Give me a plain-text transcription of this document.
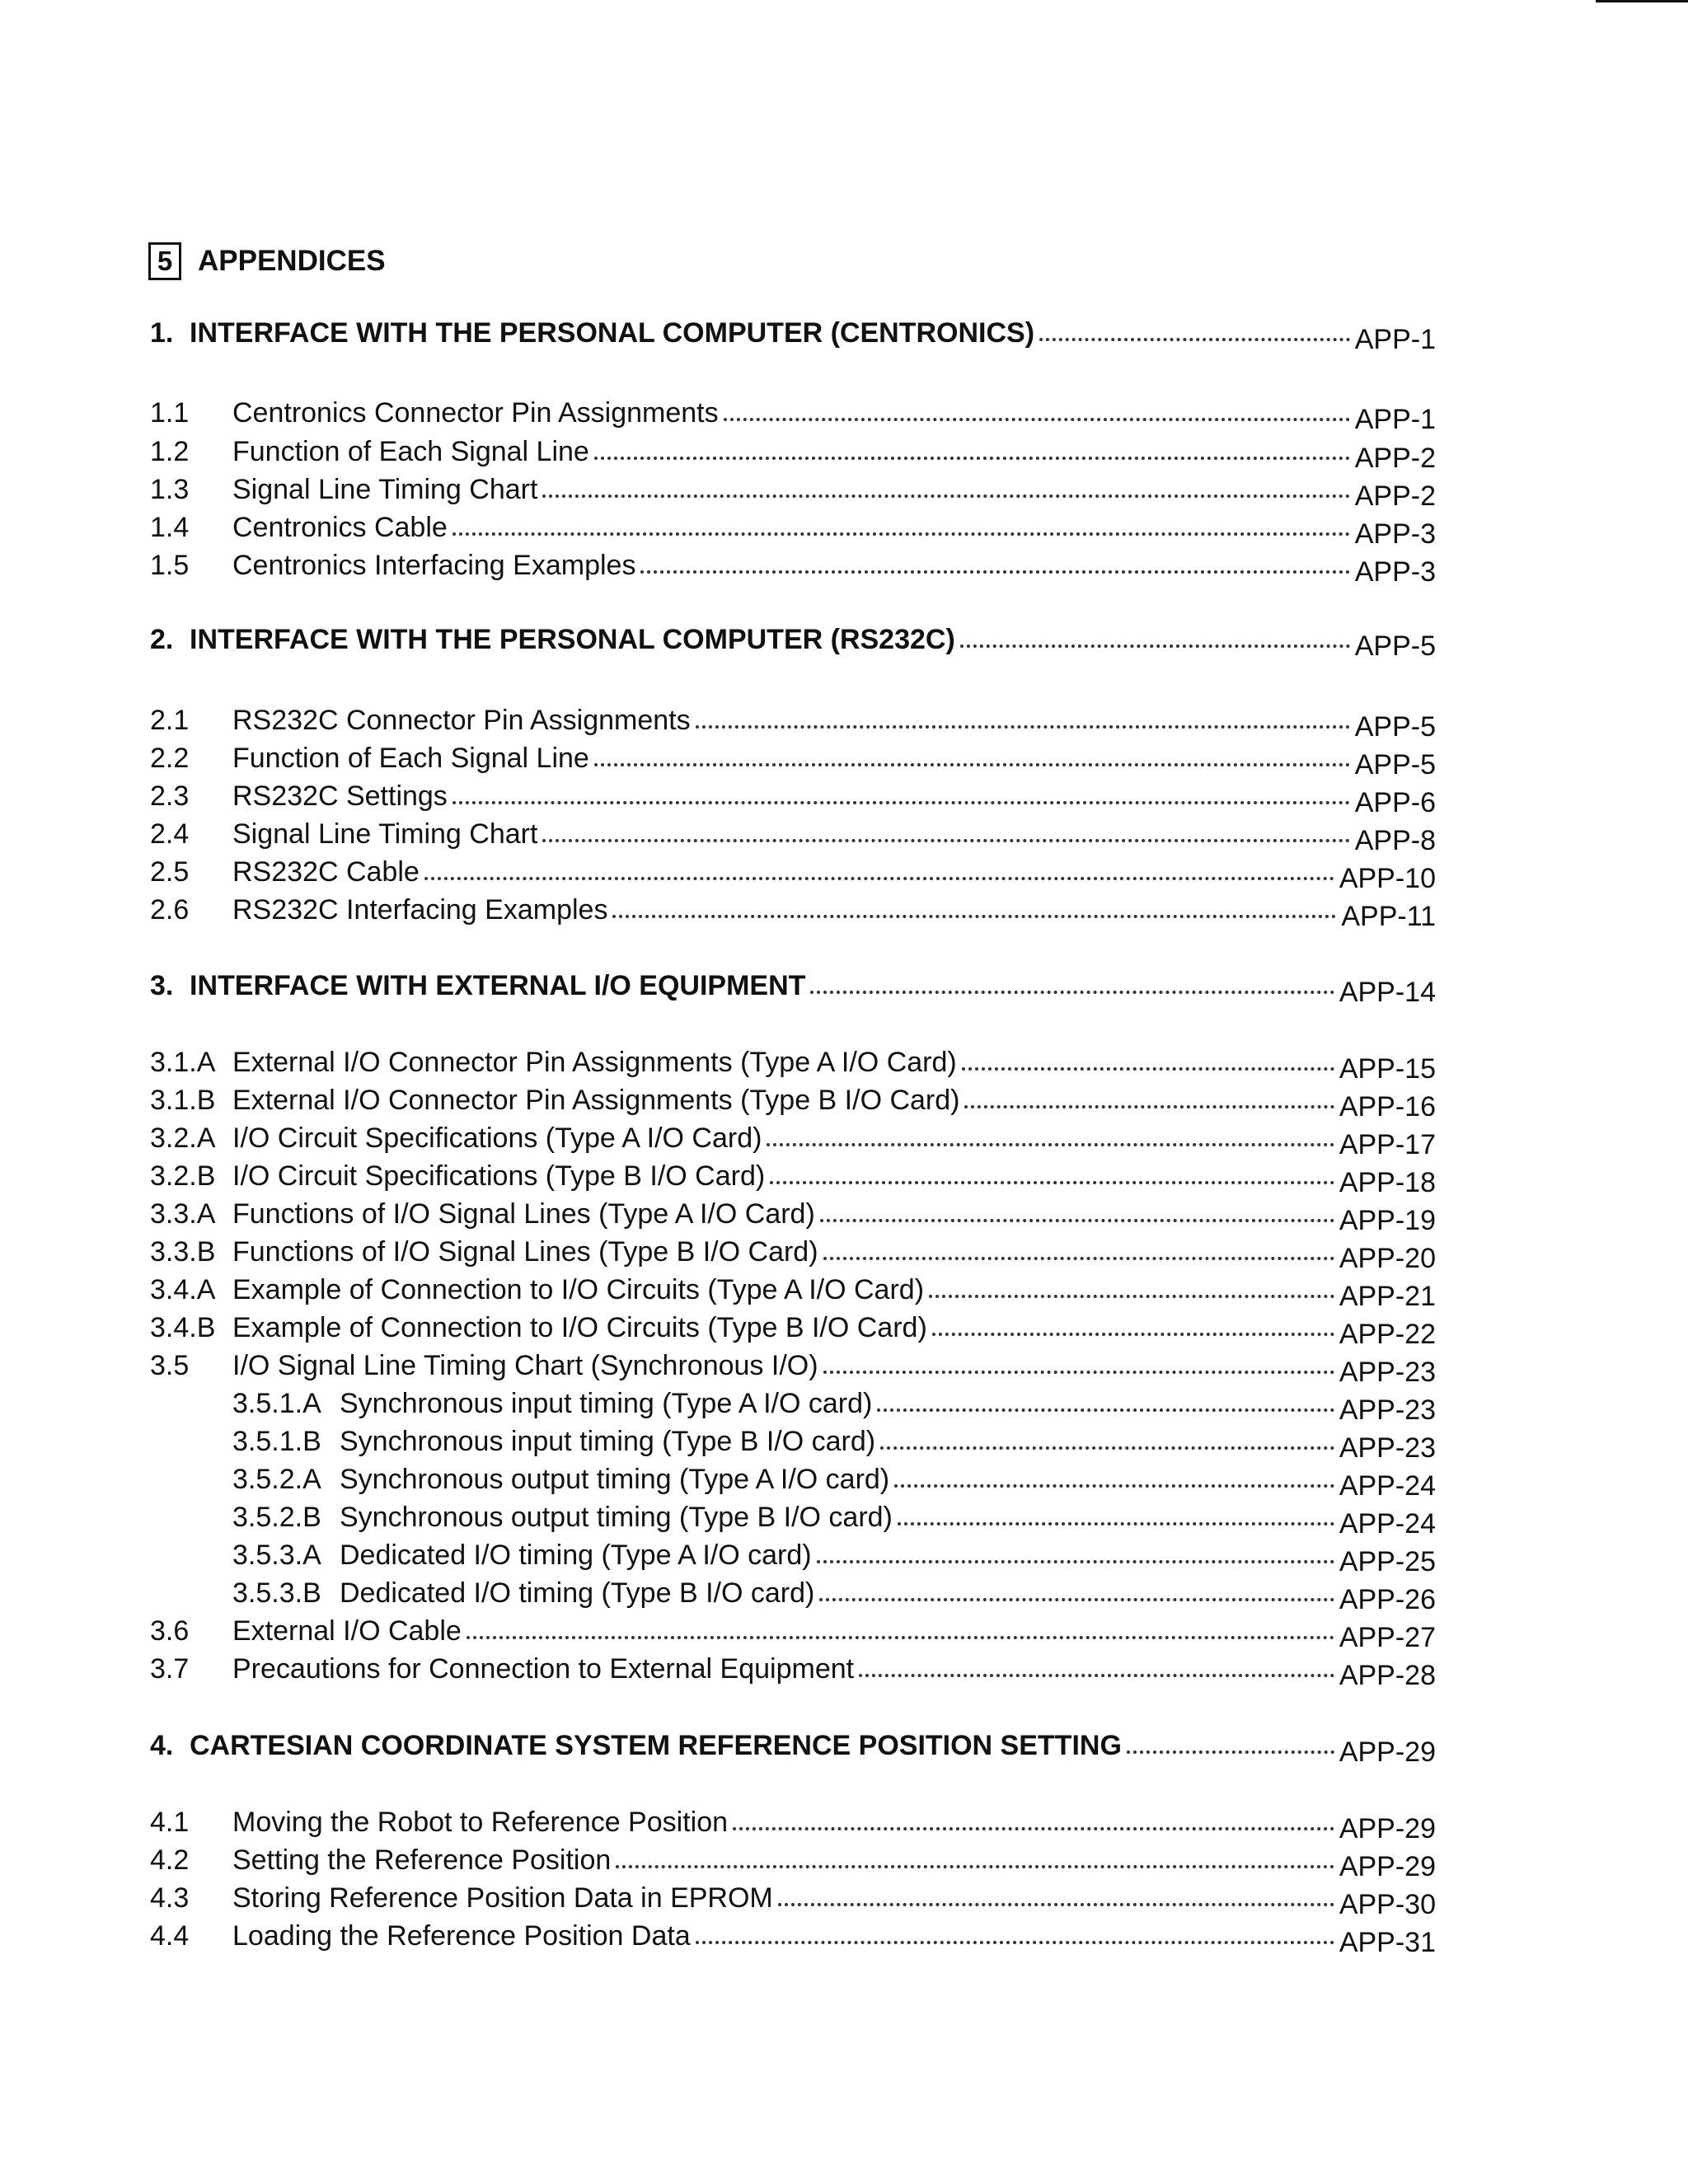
5 APPENDICES
1. INTERFACE WITH THE PERSONAL COMPUTER (CENTRONICS)	APP-1
1.1	Centronics Connector Pin Assignments	APP-1
1.2	Function of Each Signal Line	APP-2
1.3	Signal Line Timing Chart	APP-2
1.4	Centronics Cable	APP-3
1.5	Centronics Interfacing Examples	APP-3
2. INTERFACE WITH THE PERSONAL COMPUTER (RS232C)	APP-5
2.1	RS232C Connector Pin Assignments	APP-5
2.2	Function of Each Signal Line	APP-5
2.3	RS232C Settings	APP-6
2.4	Signal Line Timing Chart	APP-8
2.5	RS232C Cable	APP-10
2.6	RS232C Interfacing Examples	APP-11
3. INTERFACE WITH EXTERNAL I/O EQUIPMENT	APP-14
3.1.A External I/O Connector Pin Assignments (Type A I/O Card)	APP-15
3.1.B External I/O Connector Pin Assignments (Type B I/O Card)	APP-16
3.2.A I/O Circuit Specifications (Type A I/O Card)	APP-17
3.2.B I/O Circuit Specifications (Type B I/O Card)	APP-18
3.3.A Functions of I/O Signal Lines (Type A I/O Card)	APP-19
3.3.B Functions of I/O Signal Lines (Type B I/O Card)	APP-20
3.4.A Example of Connection to I/O Circuits (Type A I/O Card)	APP-21
3.4.B Example of Connection to I/O Circuits (Type B I/O Card)	APP-22
3.5	I/O Signal Line Timing Chart (Synchronous I/O)	APP-23
3.5.1.A Synchronous input timing (Type A I/O card)	APP-23
3.5.1.B Synchronous input timing (Type B I/O card)	APP-23
3.5.2.A Synchronous output timing (Type A I/O card)	APP-24
3.5.2.B Synchronous output timing (Type B I/O card)	APP-24
3.5.3.A Dedicated I/O timing (Type A I/O card)	APP-25
3.5.3.B Dedicated I/O timing (Type B I/O card)	APP-26
3.6	External I/O Cable	APP-27
3.7	Precautions for Connection to External Equipment	APP-28
4. CARTESIAN COORDINATE SYSTEM REFERENCE POSITION SETTING	APP-29
4.1	Moving the Robot to Reference Position	APP-29
4.2	Setting the Reference Position	APP-29
4.3	Storing Reference Position Data in EPROM	APP-30
4.4	Loading the Reference Position Data	APP-31
